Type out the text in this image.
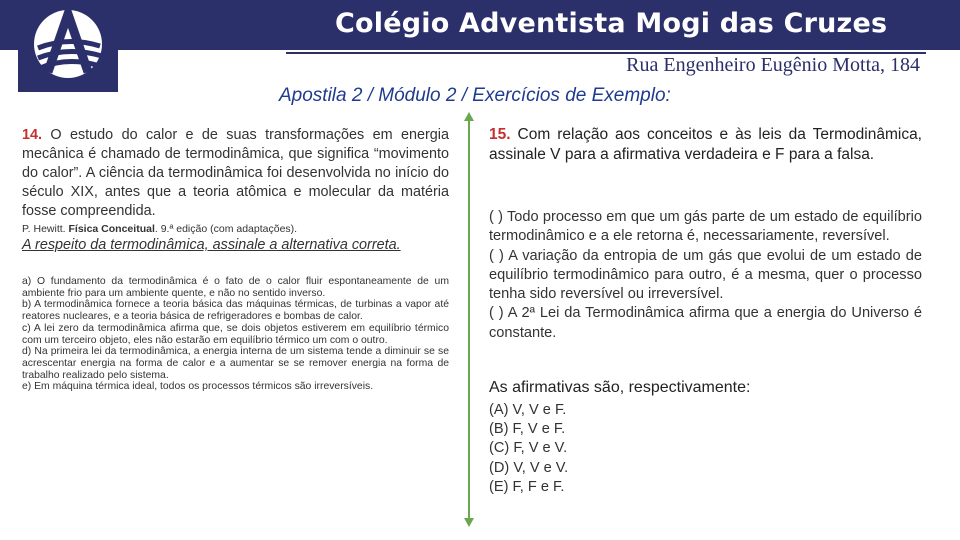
Colégio Adventista Mogi das Cruzes
Rua Engenheiro Eugênio Motta, 184
Apostila 2 / Módulo 2 / Exercícios de Exemplo:
14. O estudo do calor e de suas transformações em energia mecânica é chamado de termodinâmica, que significa “movimento do calor”. A ciência da termodinâmica foi desenvolvida no início do século XIX, antes que a teoria atômica e molecular da matéria fosse compreendida.
P. Hewitt. Física Conceitual. 9.ª edição (com adaptações).
A respeito da termodinâmica, assinale a alternativa correta.
a) O fundamento da termodinâmica é o fato de o calor fluir espontaneamente de um ambiente frio para um ambiente quente, e não no sentido inverso.
b) A termodinâmica fornece a teoria básica das máquinas térmicas, de turbinas a vapor até reatores nucleares, e a teoria básica de refrigeradores e bombas de calor.
c) A lei zero da termodinâmica afirma que, se dois objetos estiverem em equilíbrio térmico com um terceiro objeto, eles não estarão em equilíbrio térmico um com o outro.
d) Na primeira lei da termodinâmica, a energia interna de um sistema tende a diminuir se se acrescentar energia na forma de calor e a aumentar se se remover energia na forma de trabalho realizado pelo sistema.
e) Em máquina térmica ideal, todos os processos térmicos são irreversíveis.
15. Com relação aos conceitos e às leis da Termodinâmica, assinale V para a afirmativa verdadeira e F para a falsa.
( ) Todo processo em que um gás parte de um estado de equilíbrio termodinâmico e a ele retorna é, necessariamente, reversível.
( ) A variação da entropia de um gás que evolui de um estado de equilíbrio termodinâmico para outro, é a mesma, quer o processo tenha sido reversível ou irreversível.
( ) A 2ª Lei da Termodinâmica afirma que a energia do Universo é constante.
As afirmativas são, respectivamente:
(A) V, V e F.
(B) F, V e F.
(C) F, V e V.
(D) V, V e V.
(E) F, F e F.
